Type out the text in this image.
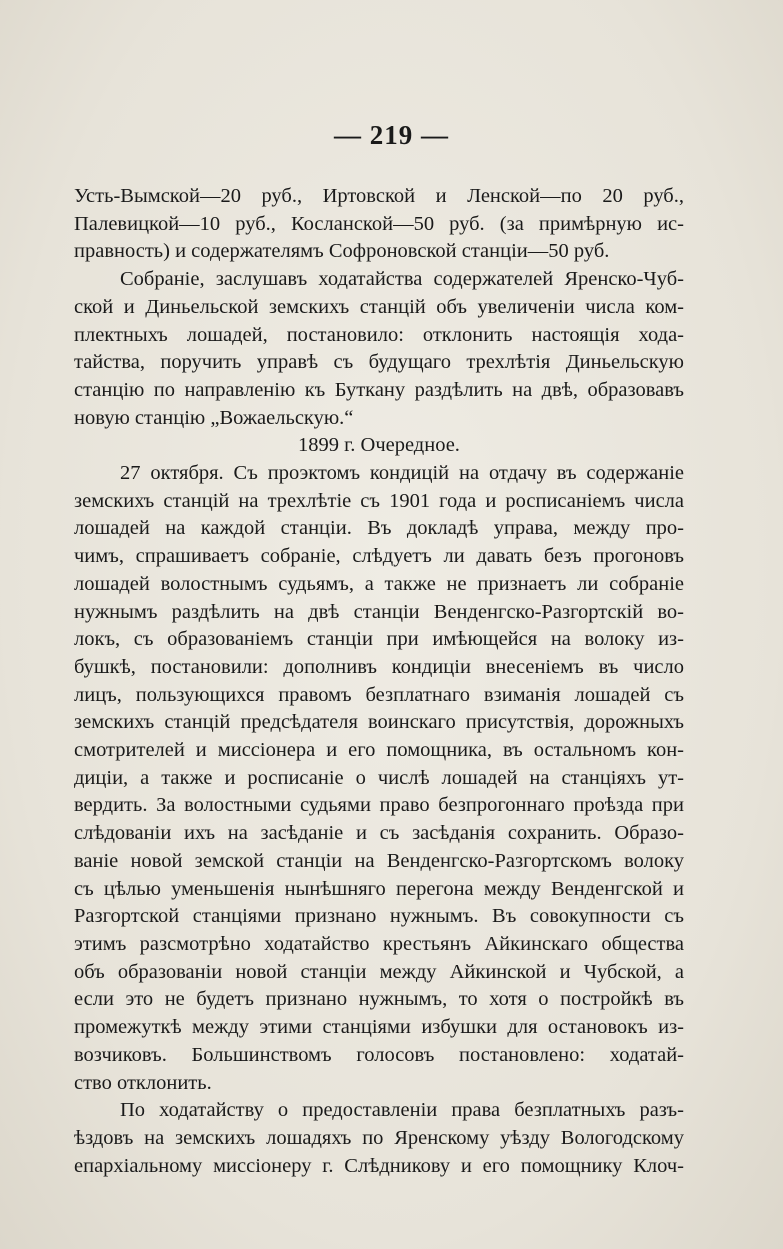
— 219 —
Усть-Вымской—20 руб., Иртовской и Ленской—по 20 руб.,
Палевицкой—10 руб., Косланской—50 руб. (за примѣрную ис-
правность) и содержателямъ Софроновской станціи—50 руб.
Собраніе, заслушавъ ходатайства содержателей Яренско-Чуб-
ской и Диньельской земскихъ станцій объ увеличеніи числа ком-
плектныхъ лошадей, постановило: отклонить настоящія хода-
тайства, поручить управѣ съ будущаго трехлѣтія Диньельскую
станцію по направленію къ Буткану раздѣлить на двѣ, образовавъ
новую станцію „Вожаельскую.“
1899 г. Очередное.
27 октября. Съ проэктомъ кондицій на отдачу въ содержаніе
земскихъ станцій на трехлѣтіе съ 1901 года и росписаніемъ числа
лошадей на каждой станціи. Въ докладѣ управа, между про-
чимъ, спрашиваетъ собраніе, слѣдуетъ ли давать безъ прогоновъ
лошадей волостнымъ судьямъ, а также не признаетъ ли собраніе
нужнымъ раздѣлить на двѣ станціи Венденгско-Разгортскій во-
локъ, съ образованіемъ станціи при имѣющейся на волоку из-
бушкѣ, постановили: дополнивъ кондиціи внесеніемъ въ число
лицъ, пользующихся правомъ безплатнаго взиманія лошадей съ
земскихъ станцій предсѣдателя воинскаго присутствія, дорожныхъ
смотрителей и миссіонера и его помощника, въ остальномъ кон-
диціи, а также и росписаніе о числѣ лошадей на станціяхъ ут-
вердить. За волостными судьями право безпрогоннаго проѣзда при
слѣдованіи ихъ на засѣданіе и съ засѣданія сохранить. Образо-
ваніе новой земской станціи на Венденгско-Разгортскомъ волоку
съ цѣлью уменьшенія нынѣшняго перегона между Венденгской и
Разгортской станціями признано нужнымъ. Въ совокупности съ
этимъ разсмотрѣно ходатайство крестьянъ Айкинскаго общества
объ образованіи новой станціи между Айкинской и Чубской, а
если это не будетъ признано нужнымъ, то хотя о постройкѣ въ
промежуткѣ между этими станціями избушки для остановокъ из-
возчиковъ. Большинствомъ голосовъ постановлено: ходатай-
ство отклонить.
По ходатайству о предоставленіи права безплатныхъ разъ-
ѣздовъ на земскихъ лошадяхъ по Яренскому уѣзду Вологодскому
епархіальному миссіонеру г. Слѣдникову и его помощнику Клоч-
